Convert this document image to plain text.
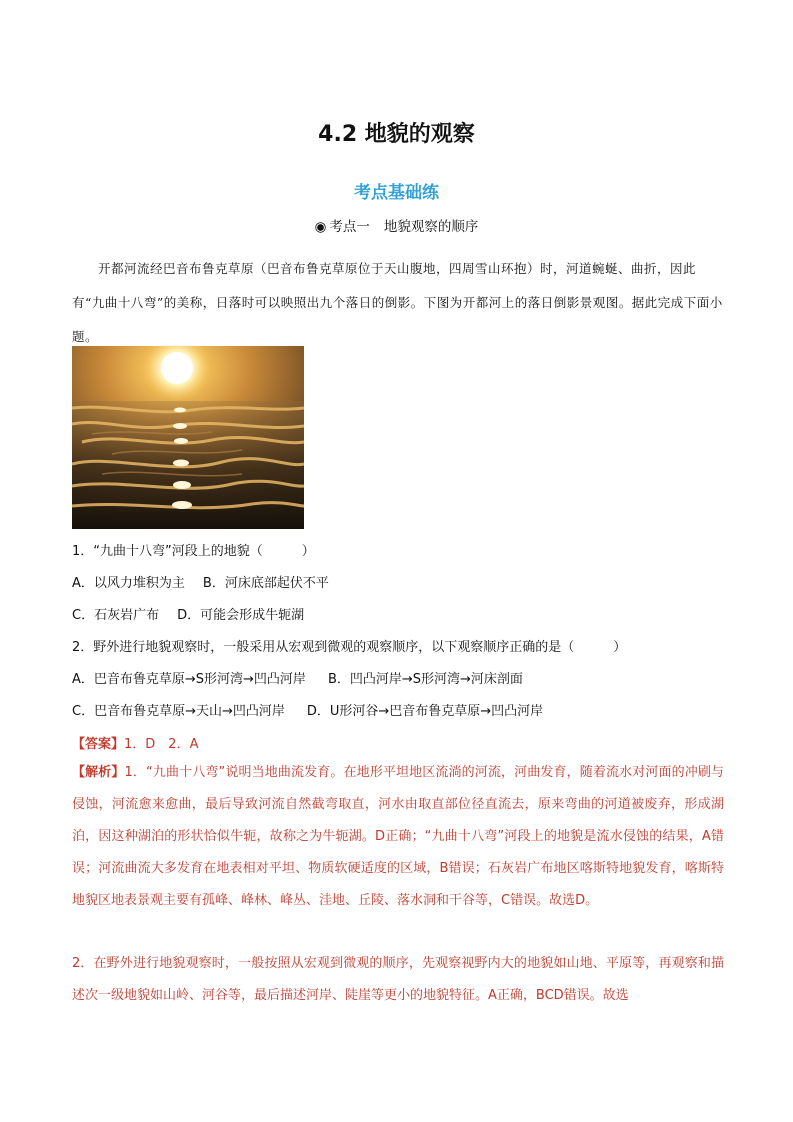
4.2 地貌的观察
考点基础练
◉ 考点一 地貌观察的顺序

开都河流经巴音布鲁克草原（巴音布鲁克草原位于天山腹地，四周雪山环抱）时，河道蜿蜒、曲折，因此有“九曲十八弯”的美称，日落时可以映照出九个落日的倒影。下图为开都河上的落日倒影景观图。据此完成下面小题。

1．“九曲十八弯”河段上的地貌（　　　）
A．以风力堆积为主 B．河床底部起伏不平
C．石灰岩广布 D．可能会形成牛轭湖
2．野外进行地貌观察时，一般采用从宏观到微观的观察顺序，以下观察顺序正确的是（　　　）
A．巴音布鲁克草原→S形河湾→凹凸河岸 B．凹凸河岸→S形河湾→河床剖面
C．巴音布鲁克草原→天山→凹凸河岸 D．U形河谷→巴音布鲁克草原→凹凸河岸
【答案】1．D　2．A

【解析】1．“九曲十八弯”说明当地曲流发育。在地形平坦地区流淌的河流，河曲发育，随着流水对河面的冲刷与侵蚀，河流愈来愈曲，最后导致河流自然截弯取直，河水由取直部位径直流去，原来弯曲的河道被废弃，形成湖泊，因这种湖泊的形状恰似牛轭，故称之为牛轭湖。D正确；“九曲十八弯”河段上的地貌是流水侵蚀的结果，A错误；河流曲流大多发育在地表相对平坦、物质软硬适度的区域，B错误；石灰岩广布地区喀斯特地貌发育，喀斯特地貌区地表景观主要有孤峰、峰林、峰丛、洼地、丘陵、落水洞和干谷等，C错误。故选D。

2．在野外进行地貌观察时，一般按照从宏观到微观的顺序，先观察视野内大的地貌如山地、平原等，再观察和描述次一级地貌如山岭、河谷等，最后描述河岸、陡崖等更小的地貌特征。A正确，BCD错误。故选
